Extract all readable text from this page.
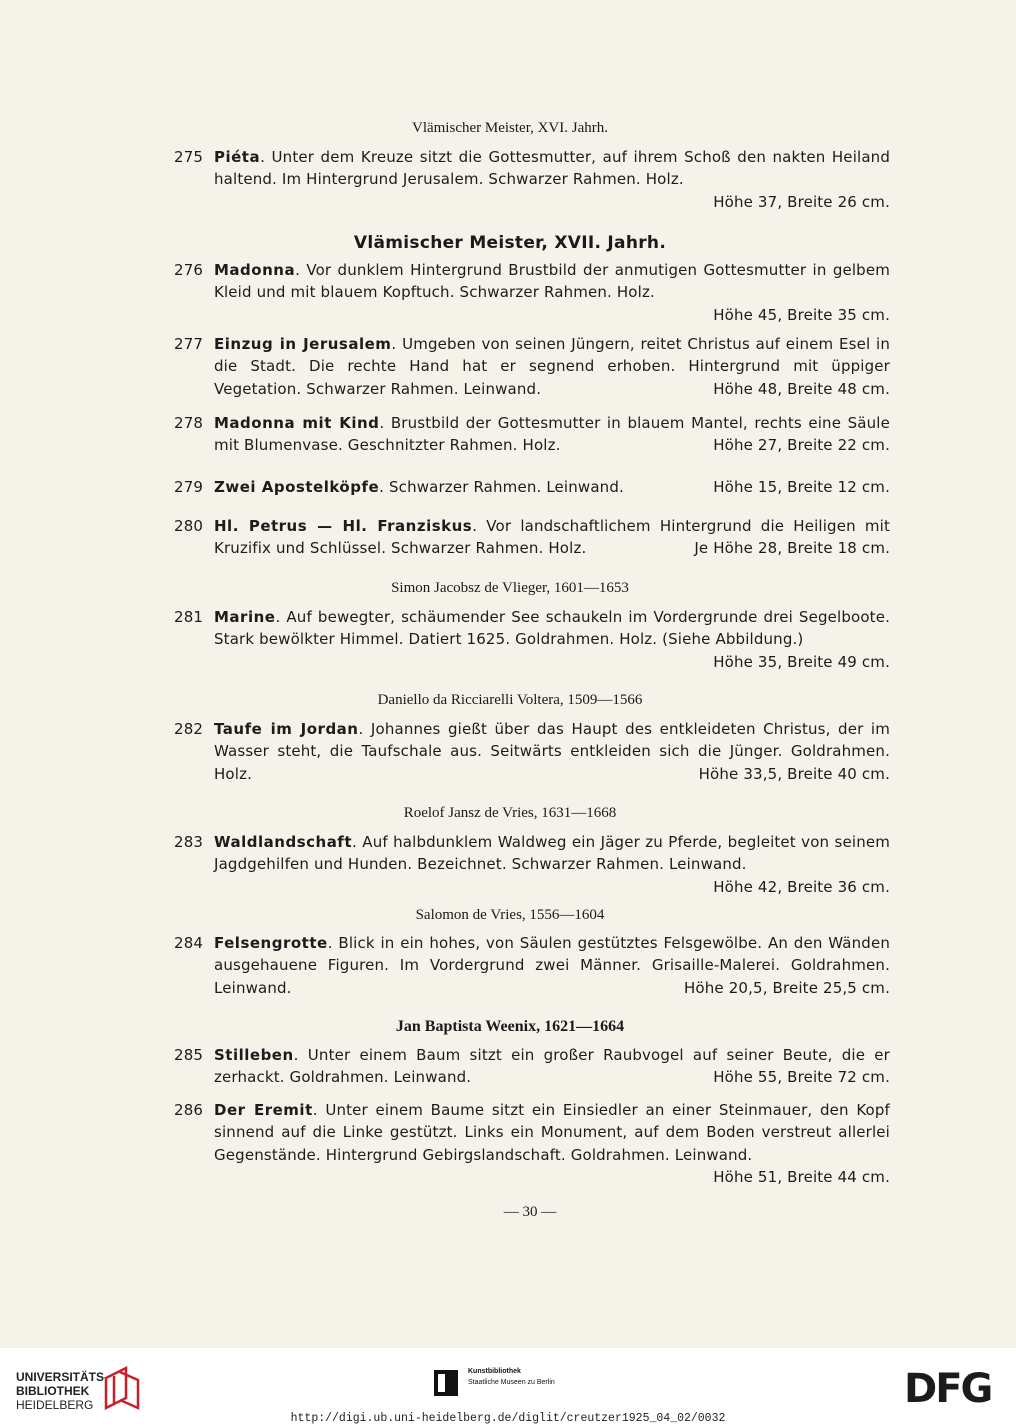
Vlämischer Meister, XVI. Jahrh.
275 Piéta. Unter dem Kreuze sitzt die Gottesmutter, auf ihrem Schoß den nakten Heiland haltend. Im Hintergrund Jerusalem. Schwarzer Rahmen. Holz.
Höhe 37, Breite 26 cm.
Vlämischer Meister, XVII. Jahrh.
276 Madonna. Vor dunklem Hintergrund Brustbild der anmutigen Gottesmutter in gelbem Kleid und mit blauem Kopftuch. Schwarzer Rahmen. Holz.
Höhe 45, Breite 35 cm.
277 Einzug in Jerusalem. Umgeben von seinen Jüngern, reitet Christus auf einem Esel in die Stadt. Die rechte Hand hat er segnend erhoben. Hintergrund mit üppiger Vegetation. Schwarzer Rahmen. Leinwand.	Höhe 48, Breite 48 cm.
278 Madonna mit Kind. Brustbild der Gottesmutter in blauem Mantel, rechts eine Säule mit Blumenvase. Geschnitzter Rahmen. Holz.	Höhe 27, Breite 22 cm.
279 Zwei Apostelköpfe. Schwarzer Rahmen. Leinwand.	Höhe 15, Breite 12 cm.
280 Hl. Petrus — Hl. Franziskus. Vor landschaftlichem Hintergrund die Heiligen mit Kruzifix und Schlüssel. Schwarzer Rahmen. Holz.	Je Höhe 28, Breite 18 cm.
Simon Jacobsz de Vlieger, 1601—1653
281 Marine. Auf bewegter, schäumender See schaukeln im Vordergrunde drei Segelboote. Stark bewölkter Himmel. Datiert 1625. Goldrahmen. Holz. (Siehe Abbildung.)
Höhe 35, Breite 49 cm.
Daniello da Ricciarelli Voltera, 1509—1566
282 Taufe im Jordan. Johannes gießt über das Haupt des entkleideten Christus, der im Wasser steht, die Taufschale aus. Seitwärts entkleiden sich die Jünger. Goldrahmen. Holz.	Höhe 33,5, Breite 40 cm.
Roelof Jansz de Vries, 1631—1668
283 Waldlandschaft. Auf halbdunklem Waldweg ein Jäger zu Pferde, begleitet von seinem Jagdgehilfen und Hunden. Bezeichnet. Schwarzer Rahmen. Leinwand.
Höhe 42, Breite 36 cm.
Salomon de Vries, 1556—1604
284 Felsengrotte. Blick in ein hohes, von Säulen gestütztes Felsgewölbe. An den Wänden ausgehauene Figuren. Im Vordergrund zwei Männer. Grisaille-Malerei. Goldrahmen. Leinwand.	Höhe 20,5, Breite 25,5 cm.
Jan Baptista Weenix, 1621—1664
285 Stilleben. Unter einem Baum sitzt ein großer Raubvogel auf seiner Beute, die er zerhackt. Goldrahmen. Leinwand.	Höhe 55, Breite 72 cm.
286 Der Eremit. Unter einem Baume sitzt ein Einsiedler an einer Steinmauer, den Kopf sinnend auf die Linke gestützt. Links ein Monument, auf dem Boden verstreut allerlei Gegenstände. Hintergrund Gebirgslandschaft. Goldrahmen. Leinwand.
Höhe 51, Breite 44 cm.
— 30 —
UNIVERSITÄTS-
BIBLIOTHEK
HEIDELBERG
Kunstbibliothek
Staatliche Museen zu Berlin	DFG
http://digi.ub.uni-heidelberg.de/diglit/creutzer1925_04_02/0032
